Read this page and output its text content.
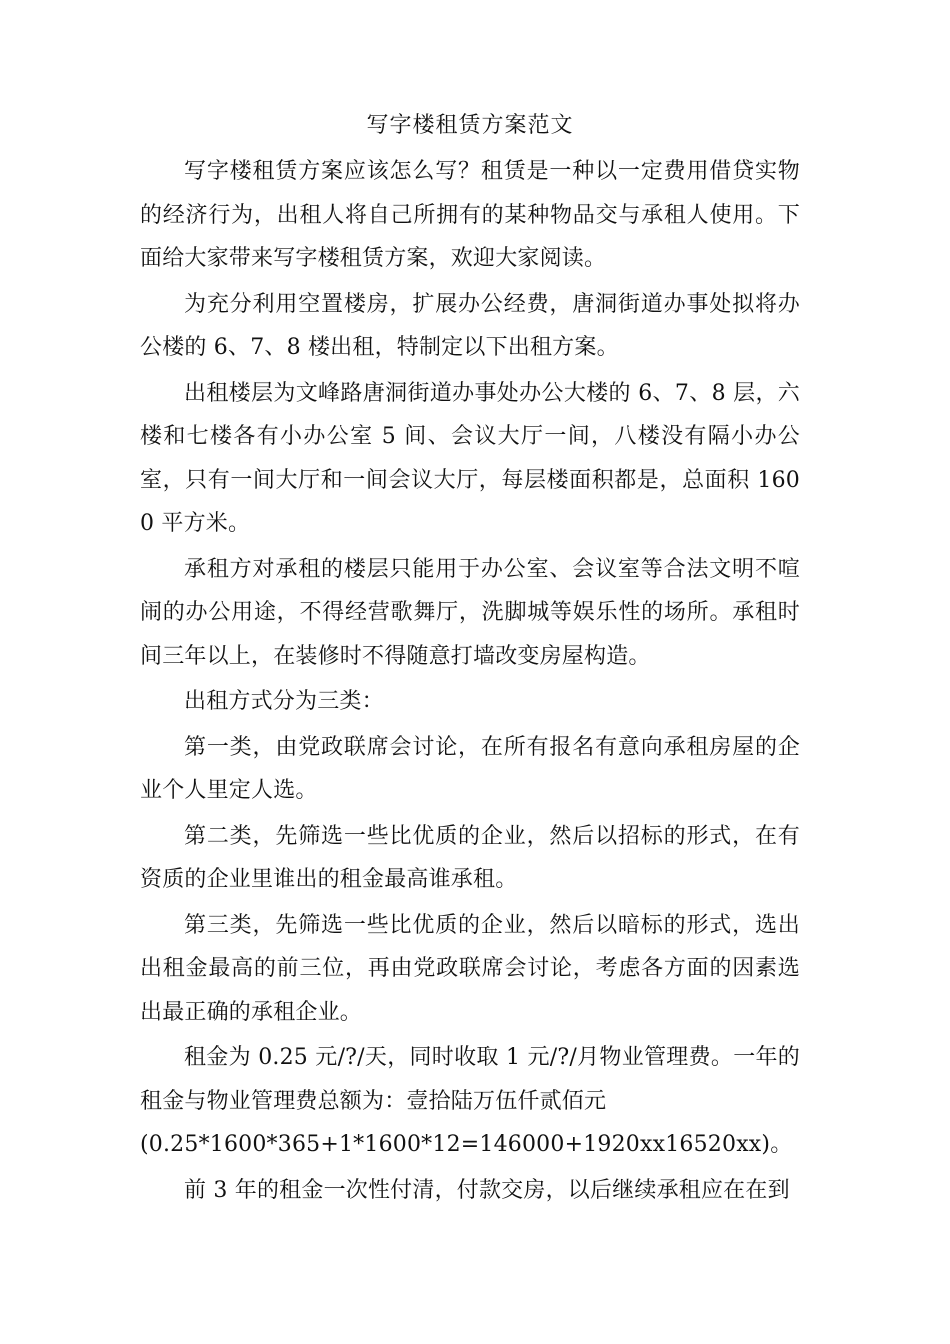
写字楼租赁方案范文

写字楼租赁方案应该怎么写？租赁是一种以一定费用借贷实物的经济行为，出租人将自己所拥有的某种物品交与承租人使用。下面给大家带来写字楼租赁方案，欢迎大家阅读。

为充分利用空置楼房，扩展办公经费，唐洞街道办事处拟将办公楼的 6、7、8 楼出租，特制定以下出租方案。

出租楼层为文峰路唐洞街道办事处办公大楼的 6、7、8 层，六楼和七楼各有小办公室 5 间、会议大厅一间，八楼没有隔小办公室，只有一间大厅和一间会议大厅，每层楼面积都是，总面积 1600 平方米。

承租方对承租的楼层只能用于办公室、会议室等合法文明不喧闹的办公用途，不得经营歌舞厅，洗脚城等娱乐性的场所。承租时间三年以上，在装修时不得随意打墙改变房屋构造。

出租方式分为三类：

第一类，由党政联席会讨论，在所有报名有意向承租房屋的企业个人里定人选。

第二类，先筛选一些比优质的企业，然后以招标的形式，在有资质的企业里谁出的租金最高谁承租。

第三类，先筛选一些比优质的企业，然后以暗标的形式，选出出租金最高的前三位，再由党政联席会讨论，考虑各方面的因素选出最正确的承租企业。

租金为 0.25 元/?/天，同时收取 1 元/?/月物业管理费。一年的租金与物业管理费总额为：壹拾陆万伍仟贰佰元

(0.25*1600*365+1*1600*12=146000+1920xx16520xx)。

前 3 年的租金一次性付清，付款交房，以后继续承租应在在到
